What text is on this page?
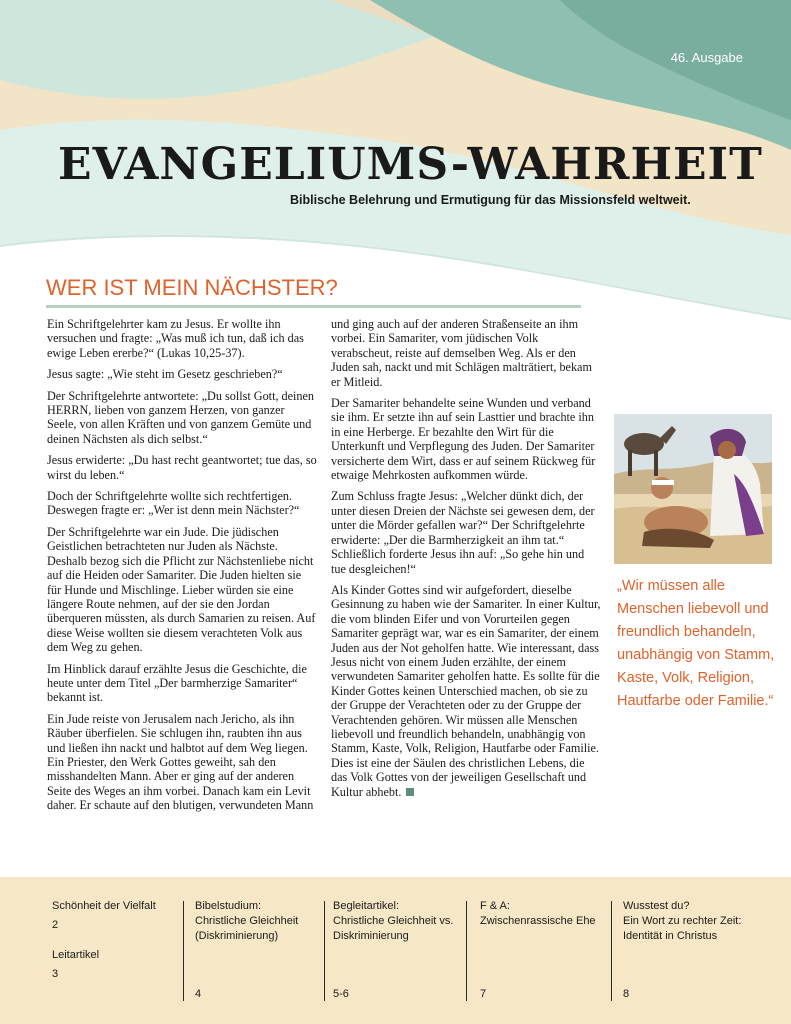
46. Ausgabe
EVANGELIUMS-WAHRHEIT
Biblische Belehrung und Ermutigung für das Missionsfeld weltweit.
WER IST MEIN NÄCHSTER?

Ein Schriftgelehrter kam zu Jesus. Er wollte ihn versuchen und fragte: „Was muß ich tun, daß ich das ewige Leben ererbe?“ (Lukas 10,25-37).

Jesus sagte: „Wie steht im Gesetz geschrieben?“

Der Schriftgelehrte antwortete: „Du sollst Gott, deinen HERRN, lieben von ganzem Herzen, von ganzer Seele, von allen Kräften und von ganzem Gemüte und deinen Nächsten als dich selbst.“

Jesus erwiderte: „Du hast recht geantwortet; tue das, so wirst du leben.“

Doch der Schriftgelehrte wollte sich rechtfertigen. Deswegen fragte er: „Wer ist denn mein Nächster?“

Der Schriftgelehrte war ein Jude. Die jüdischen Geistlichen betrachteten nur Juden als Nächste. Deshalb bezog sich die Pflicht zur Nächstenliebe nicht auf die Heiden oder Samariter. Die Juden hielten sie für Hunde und Mischlinge. Lieber würden sie eine längere Route nehmen, auf der sie den Jordan überqueren müssten, als durch Samarien zu reisen. Auf diese Weise wollten sie diesem verachteten Volk aus dem Weg zu gehen.

Im Hinblick darauf erzählte Jesus die Geschichte, die heute unter dem Titel „Der barmherzige Samariter“ bekannt ist.

Ein Jude reiste von Jerusalem nach Jericho, als ihn Räuber überfielen. Sie schlugen ihn, raubten ihn aus und ließen ihn nackt und halbtot auf dem Weg liegen. Ein Priester, den Werk Gottes geweiht, sah den misshandelten Mann. Aber er ging auf der anderen Seite des Weges an ihm vorbei. Danach kam ein Levit daher. Er schaute auf den blutigen, verwundeten Mann

und ging auch auf der anderen Straßenseite an ihm vorbei. Ein Samariter, vom jüdischen Volk verabscheut, reiste auf demselben Weg. Als er den Juden sah, nackt und mit Schlägen malträtiert, bekam er Mitleid.

Der Samariter behandelte seine Wunden und verband sie ihm. Er setzte ihn auf sein Lasttier und brachte ihn in eine Herberge. Er bezahlte den Wirt für die Unterkunft und Verpflegung des Juden. Der Samariter versicherte dem Wirt, dass er auf seinem Rückweg für etwaige Mehrkosten aufkommen würde.

Zum Schluss fragte Jesus: „Welcher dünkt dich, der unter diesen Dreien der Nächste sei gewesen dem, der unter die Mörder gefallen war?“ Der Schriftgelehrte erwiderte: „Der die Barmherzigkeit an ihm tat.“ Schließlich forderte Jesus ihn auf: „So gehe hin und tue desgleichen!“

Als Kinder Gottes sind wir aufgefordert, dieselbe Gesinnung zu haben wie der Samariter. In einer Kultur, die vom blinden Eifer und von Vorurteilen gegen Samariter geprägt war, war es ein Samariter, der einem Juden aus der Not geholfen hatte. Wie interessant, dass Jesus nicht von einem Juden erzählte, der einem verwundeten Samariter geholfen hatte. Es sollte für die Kinder Gottes keinen Unterschied machen, ob sie zu der Gruppe der Verachteten oder zu der Gruppe der Verachtenden gehören. Wir müssen alle Menschen liebevoll und freundlich behandeln, unabhängig von Stamm, Kaste, Volk, Religion, Hautfarbe oder Familie. Dies ist eine der Säulen des christlichen Lebens, die das Volk Gottes von der jeweiligen Gesellschaft und Kultur abhebt.

„Wir müssen alle Menschen liebevoll und freundlich behandeln, unabhängig von Stamm, Kaste, Volk, Religion, Hautfarbe oder Familie.“
Schönheit der Vielfalt
2
Leitartikel
3
Bibelstudium:
Christliche Gleichheit (Diskriminierung)
4
Begleitartikel:
Christliche Gleichheit vs. Diskriminierung
5-6
F & A:
Zwischenrassische Ehe
7
Wusstest du?
Ein Wort zu rechter Zeit: Identität in Christus
8
